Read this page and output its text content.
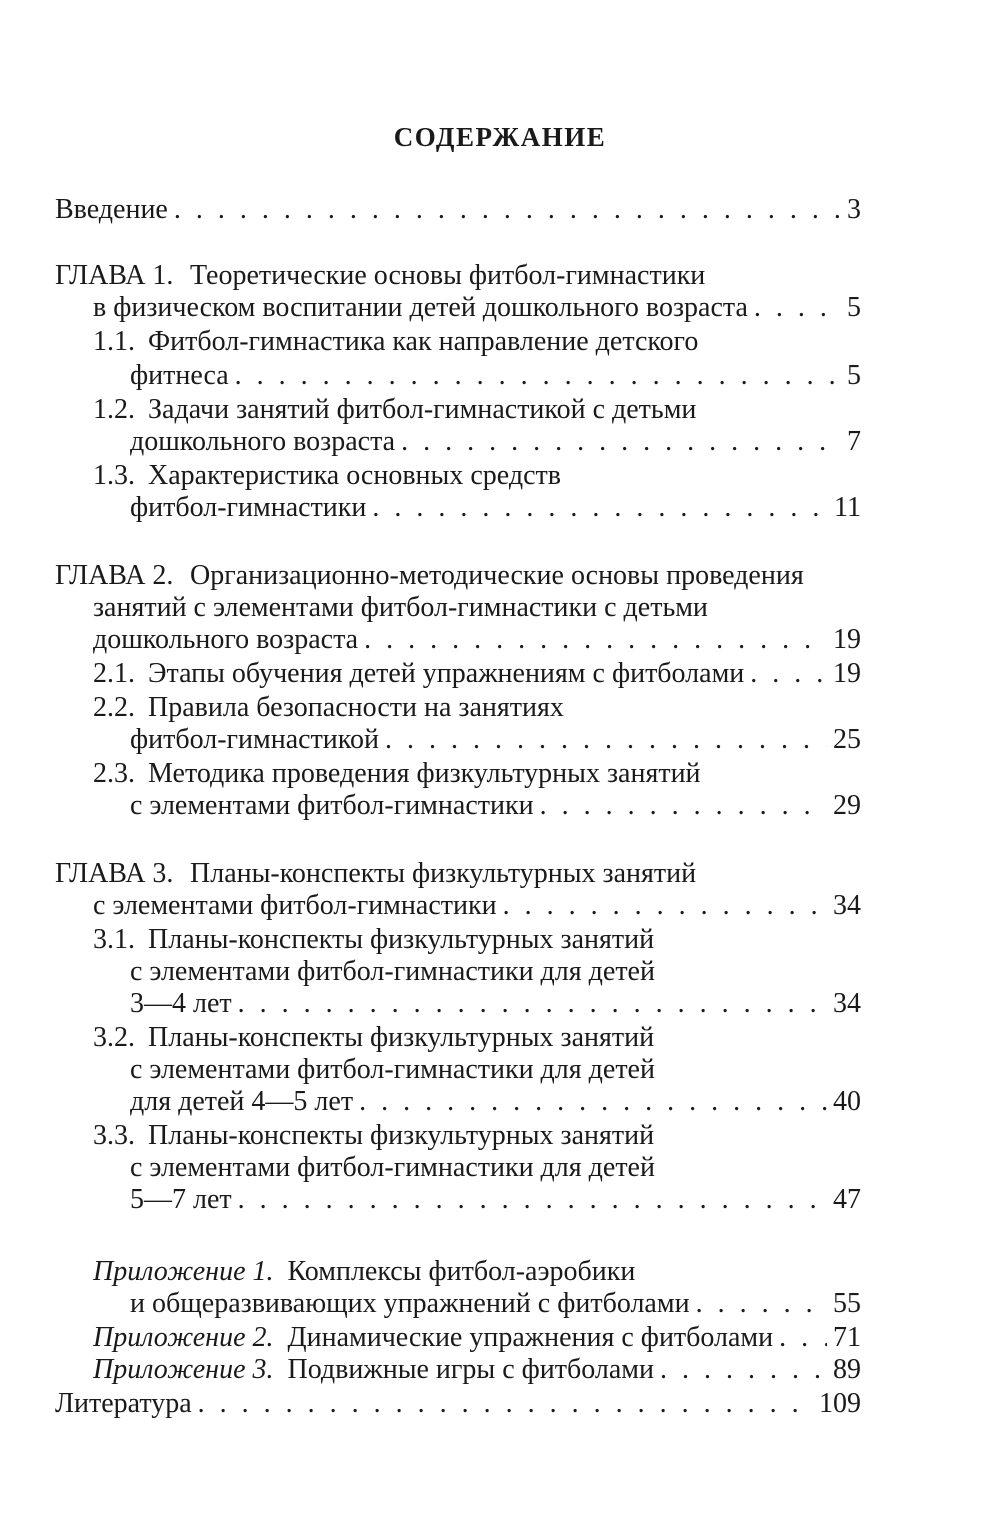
СОДЕРЖАНИЕ
Введение . . .	3
ГЛАВА 1. Теоретические основы фитбол-гимнастики
в физическом воспитании детей дошкольного возраста . . .	5
1.1. Фитбол-гимнастика как направление детского
фитнеса . . .	5
1.2. Задачи занятий фитбол-гимнастикой с детьми
дошкольного возраста . . .	7
1.3. Характеристика основных средств
фитбол-гимнастики . . .	11
ГЛАВА 2. Организационно-методические основы проведения
занятий с элементами фитбол-гимнастики с детьми
дошкольного возраста . . .	19
2.1. Этапы обучения детей упражнениям с фитболами . . .	19
2.2. Правила безопасности на занятиях
фитбол-гимнастикой . . .	25
2.3. Методика проведения физкультурных занятий
с элементами фитбол-гимнастики . . .	29
ГЛАВА 3. Планы-конспекты физкультурных занятий
с элементами фитбол-гимнастики . . .	34
3.1. Планы-конспекты физкультурных занятий
с элементами фитбол-гимнастики для детей
3—4 лет . . .	34
3.2. Планы-конспекты физкультурных занятий
с элементами фитбол-гимнастики для детей
для детей 4—5 лет . . .	40
3.3. Планы-конспекты физкультурных занятий
с элементами фитбол-гимнастики для детей
5—7 лет . . .	47
Приложение 1. Комплексы фитбол-аэробики
и общеразвивающих упражнений с фитболами . . .	55
Приложение 2. Динамические упражнения с фитболами . . . 71
Приложение 3. Подвижные игры с фитболами . . .	89
Литература . . .	109
